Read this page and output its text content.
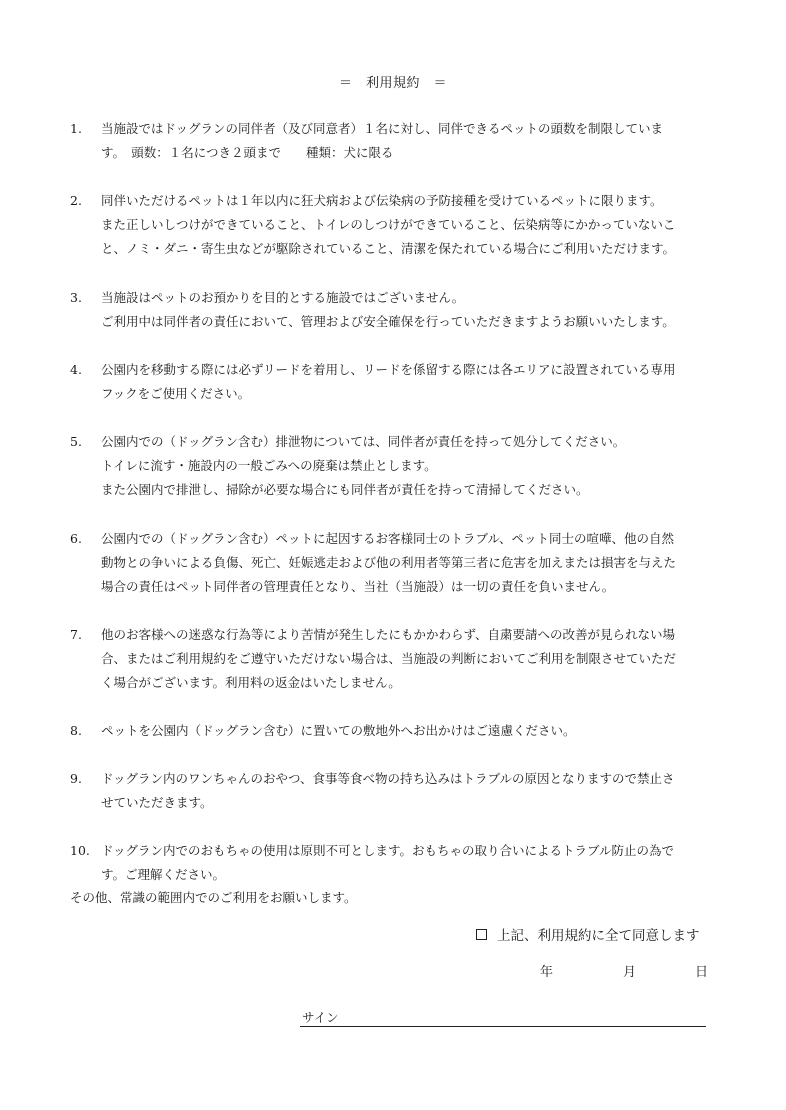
＝　利用規約　＝
1. 当施設ではドッグランの同伴者（及び同意者）１名に対し、同伴できるペットの頭数を制限していま
す。　頭数：１名につき２頭まで　　種類：犬に限る
2. 同伴いただけるペットは１年以内に狂犬病および伝染病の予防接種を受けているペットに限ります。
また正しいしつけができていること、トイレのしつけができていること、伝染病等にかかっていないこ
と、ノミ・ダニ・寄生虫などが駆除されていること、清潔を保たれている場合にご利用いただけます。
3. 当施設はペットのお預かりを目的とする施設ではございません。
ご利用中は同伴者の責任において、管理および安全確保を行っていただきますようお願いいたします。
4. 公園内を移動する際には必ずリードを着用し、リードを係留する際には各エリアに設置されている専用
フックをご使用ください。
5. 公園内での（ドッグラン含む）排泄物については、同伴者が責任を持って処分してください。
トイレに流す・施設内の一般ごみへの廃棄は禁止とします。
また公園内で排泄し、掃除が必要な場合にも同伴者が責任を持って清掃してください。
6. 公園内での（ドッグラン含む）ペットに起因するお客様同士のトラブル、ペット同士の喧嘩、他の自然
動物との争いによる負傷、死亡、妊娠逃走および他の利用者等第三者に危害を加えまたは損害を与えた
場合の責任はペット同伴者の管理責任となり、当社（当施設）は一切の責任を負いません。
7. 他のお客様への迷惑な行為等により苦情が発生したにもかかわらず、自粛要請への改善が見られない場
合、またはご利用規約をご遵守いただけない場合は、当施設の判断においてご利用を制限させていただ
く場合がございます。利用料の返金はいたしません。
8. ペットを公園内（ドッグラン含む）に置いての敷地外へお出かけはご遠慮ください。
9. ドッグラン内のワンちゃんのおやつ、食事等食べ物の持ち込みはトラブルの原因となりますので禁止さ
せていただきます。
10. ドッグラン内でのおもちゃの使用は原則不可とします。おもちゃの取り合いによるトラブル防止の為で
す。ご理解ください。
その他、常識の範囲内でのご利用をお願いします。
上記、利用規約に全て同意します
年	月	日
サイン
